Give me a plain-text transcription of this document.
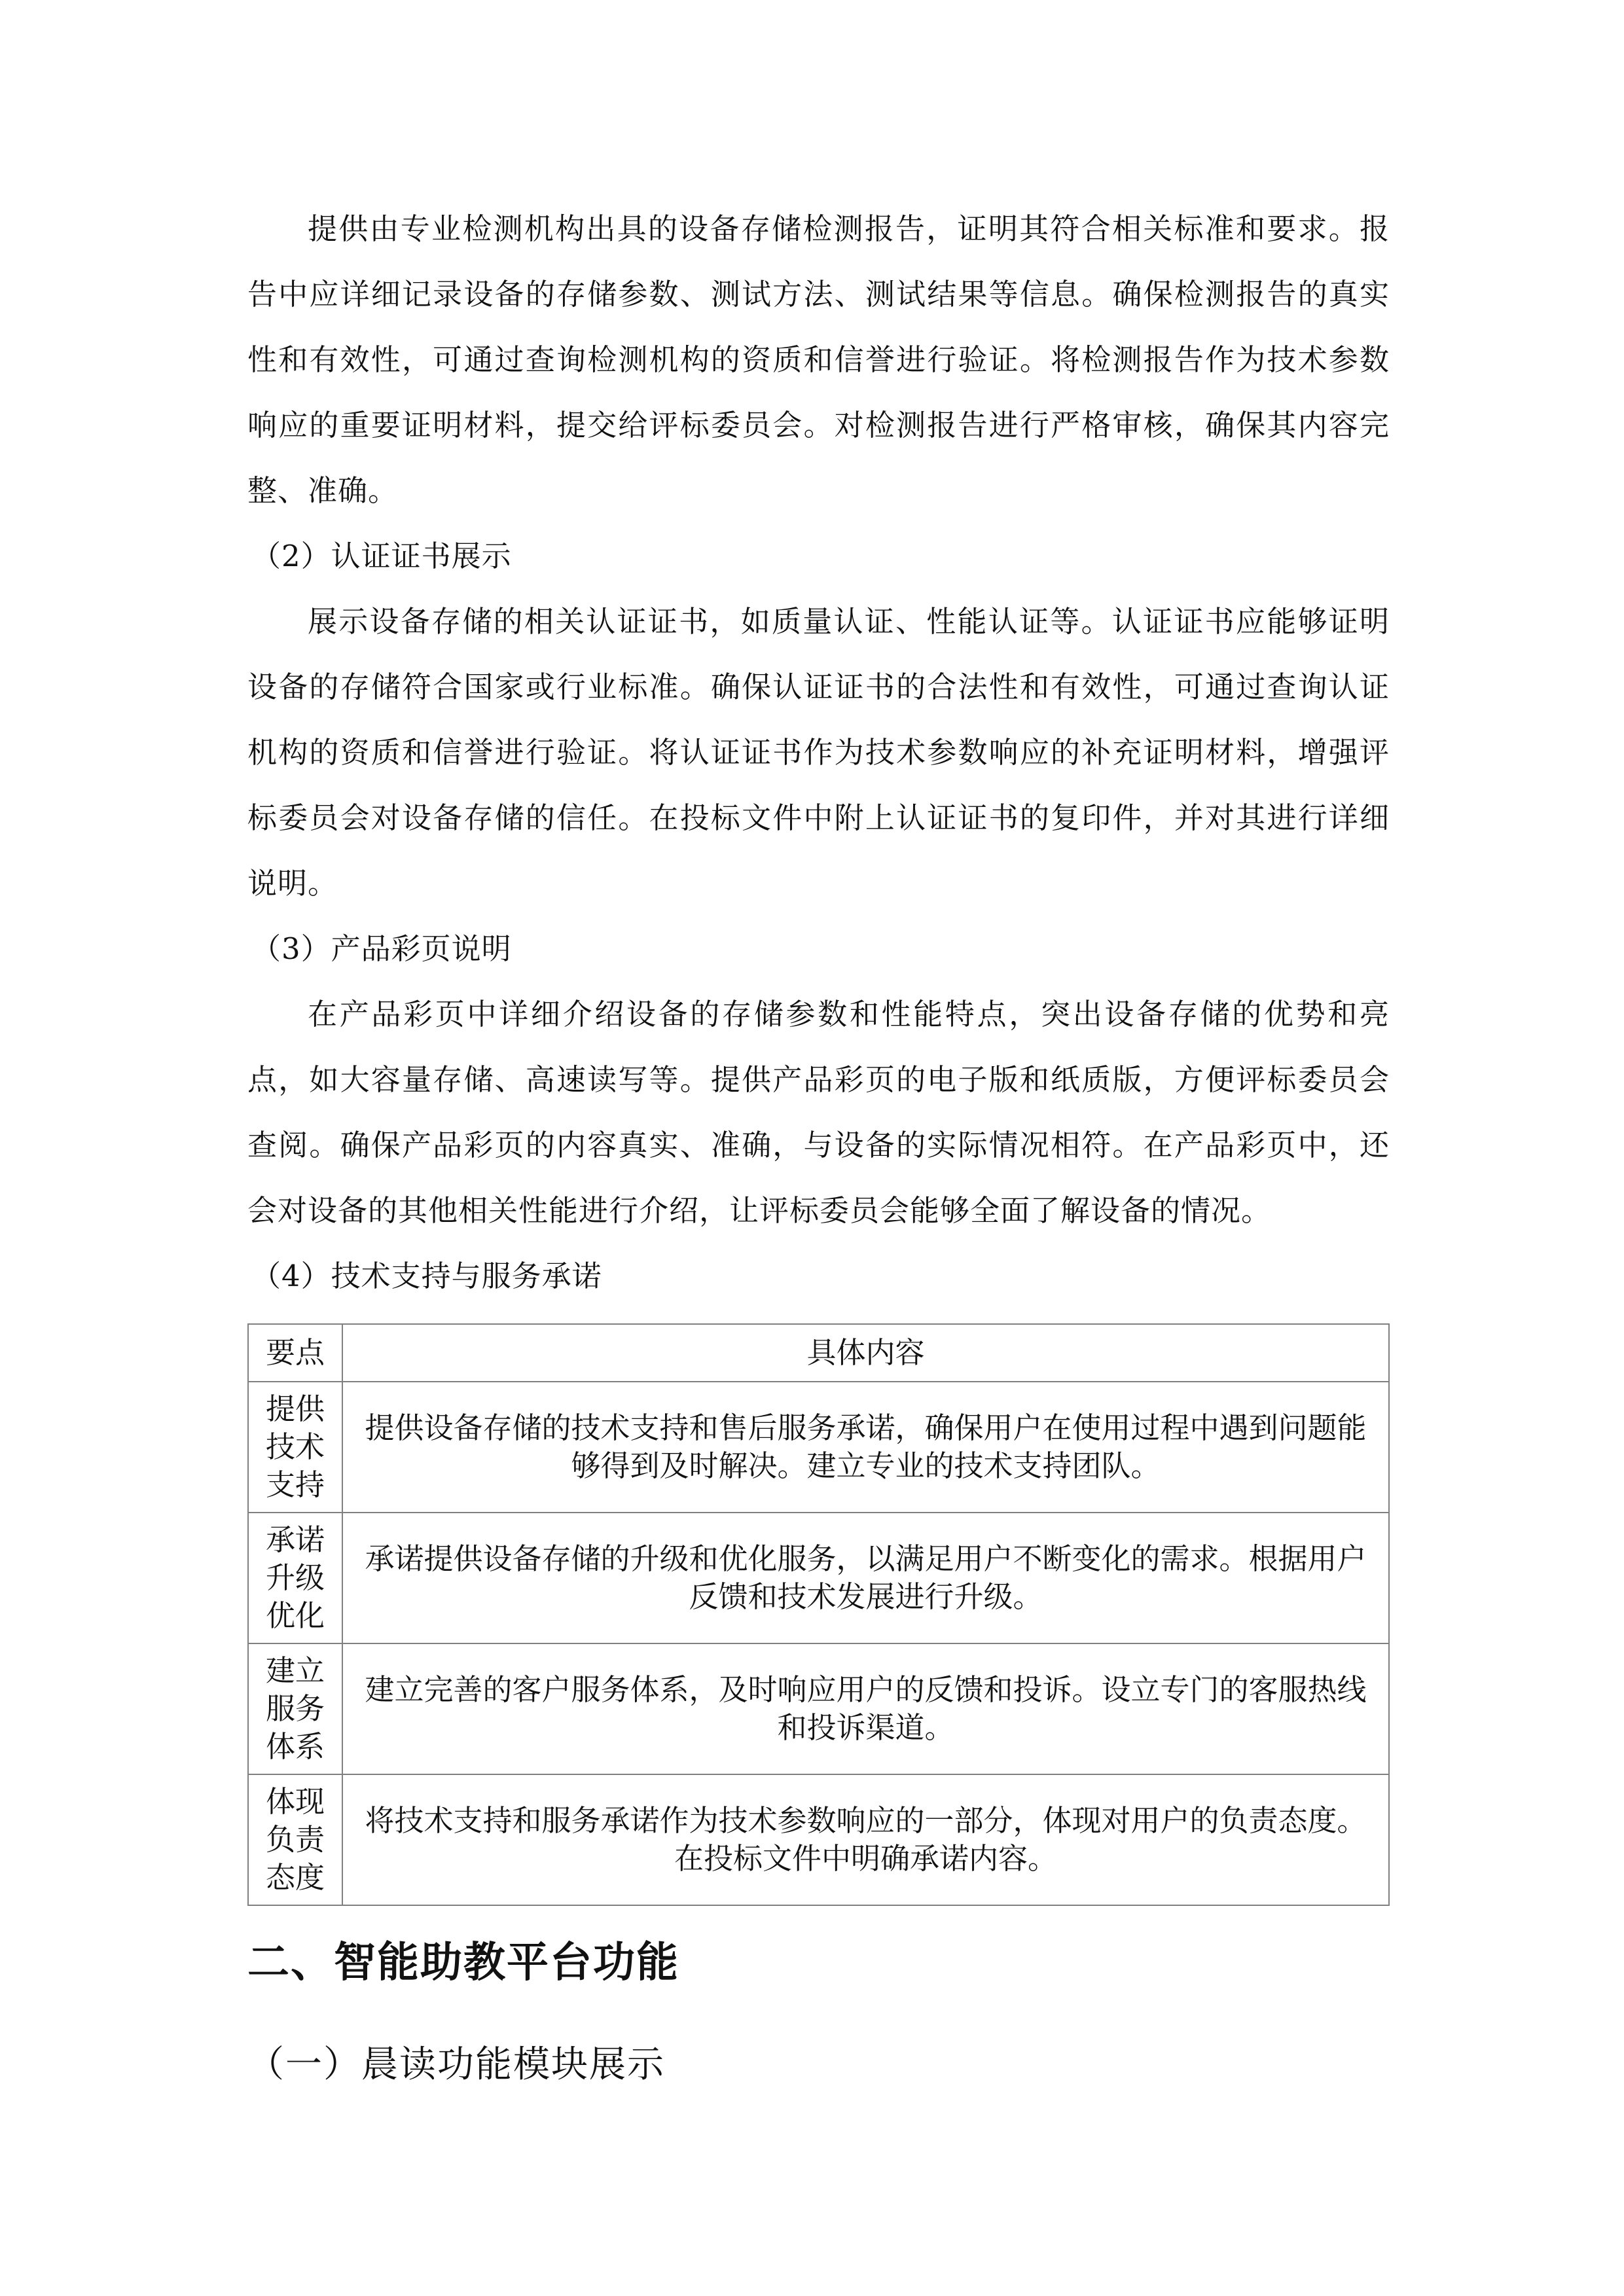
提供由专业检测机构出具的设备存储检测报告，证明其符合相关标准和要求。报告中应详细记录设备的存储参数、测试方法、测试结果等信息。确保检测报告的真实性和有效性，可通过查询检测机构的资质和信誉进行验证。将检测报告作为技术参数响应的重要证明材料，提交给评标委员会。对检测报告进行严格审核，确保其内容完整、准确。

（2）认证证书展示

展示设备存储的相关认证证书，如质量认证、性能认证等。认证证书应能够证明设备的存储符合国家或行业标准。确保认证证书的合法性和有效性，可通过查询认证机构的资质和信誉进行验证。将认证证书作为技术参数响应的补充证明材料，增强评标委员会对设备存储的信任。在投标文件中附上认证证书的复印件，并对其进行详细说明。

（3）产品彩页说明

在产品彩页中详细介绍设备的存储参数和性能特点，突出设备存储的优势和亮点，如大容量存储、高速读写等。提供产品彩页的电子版和纸质版，方便评标委员会查阅。确保产品彩页的内容真实、准确，与设备的实际情况相符。在产品彩页中，还会对设备的其他相关性能进行介绍，让评标委员会能够全面了解设备的情况。

（4）技术支持与服务承诺

要点	具体内容
提供技术支持	提供设备存储的技术支持和售后服务承诺，确保用户在使用过程中遇到问题能够得到及时解决。建立专业的技术支持团队。
承诺升级优化	承诺提供设备存储的升级和优化服务，以满足用户不断变化的需求。根据用户反馈和技术发展进行升级。
建立服务体系	建立完善的客户服务体系，及时响应用户的反馈和投诉。设立专门的客服热线和投诉渠道。
体现负责态度	将技术支持和服务承诺作为技术参数响应的一部分，体现对用户的负责态度。在投标文件中明确承诺内容。
二、智能助教平台功能
（一）晨读功能模块展示
